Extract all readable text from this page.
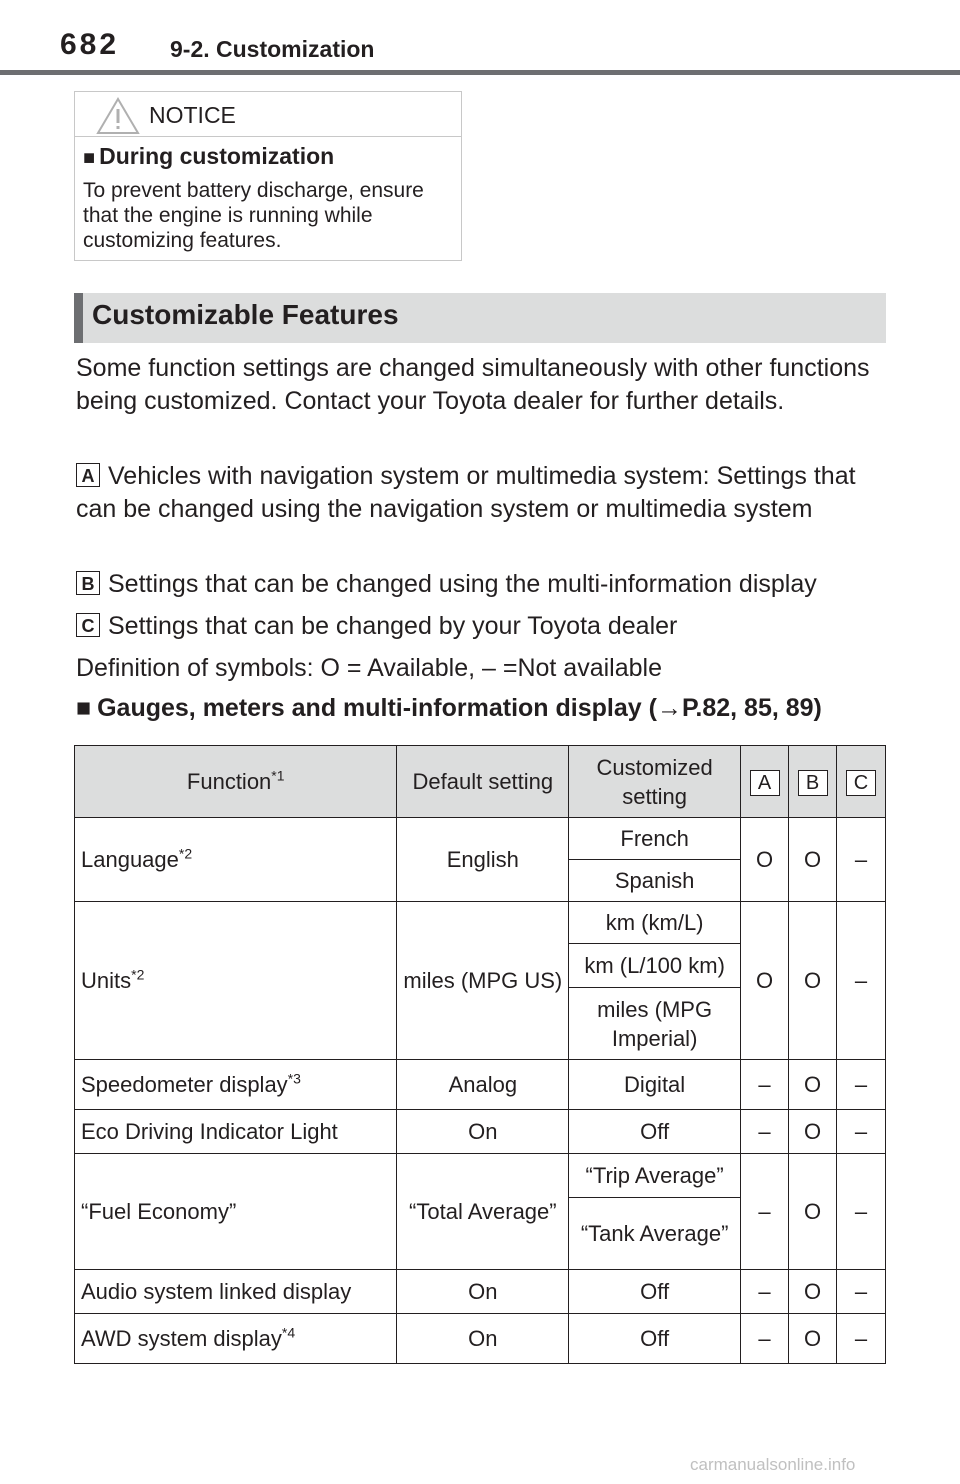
682 9-2. Customization
NOTICE
■ During customization
To prevent battery discharge, ensure that the engine is running while customizing features.
Customizable Features
Some function settings are changed simultaneously with other functions being customized. Contact your Toyota dealer for further details.
A Vehicles with navigation system or multimedia system: Settings that can be changed using the navigation system or multimedia system
B Settings that can be changed using the multi-information display
C Settings that can be changed by your Toyota dealer
Definition of symbols: O = Available, – =Not available
■ Gauges, meters and multi-information display (→P.82, 85, 89)
Function$^{*1}$	Default setting	Customized setting	A	B	C
Language$^{*2}$	English	French	O	O	–
		Spanish			
Units$^{*2}$	miles (MPG US)	km (km/L)	O	O	–
		km (L/100 km)			
		miles (MPG Imperial)			
Speedometer display$^{*3}$	Analog	Digital	–	O	–
Eco Driving Indicator Light	On	Off	–	O	–
“Fuel Economy”	“Total Average”	“Trip Average”	–	O	–
		“Tank Average”			
Audio system linked display	On	Off	–	O	–
AWD system display$^{*4}$	On	Off	–	O	–
carmanualsonline.info
